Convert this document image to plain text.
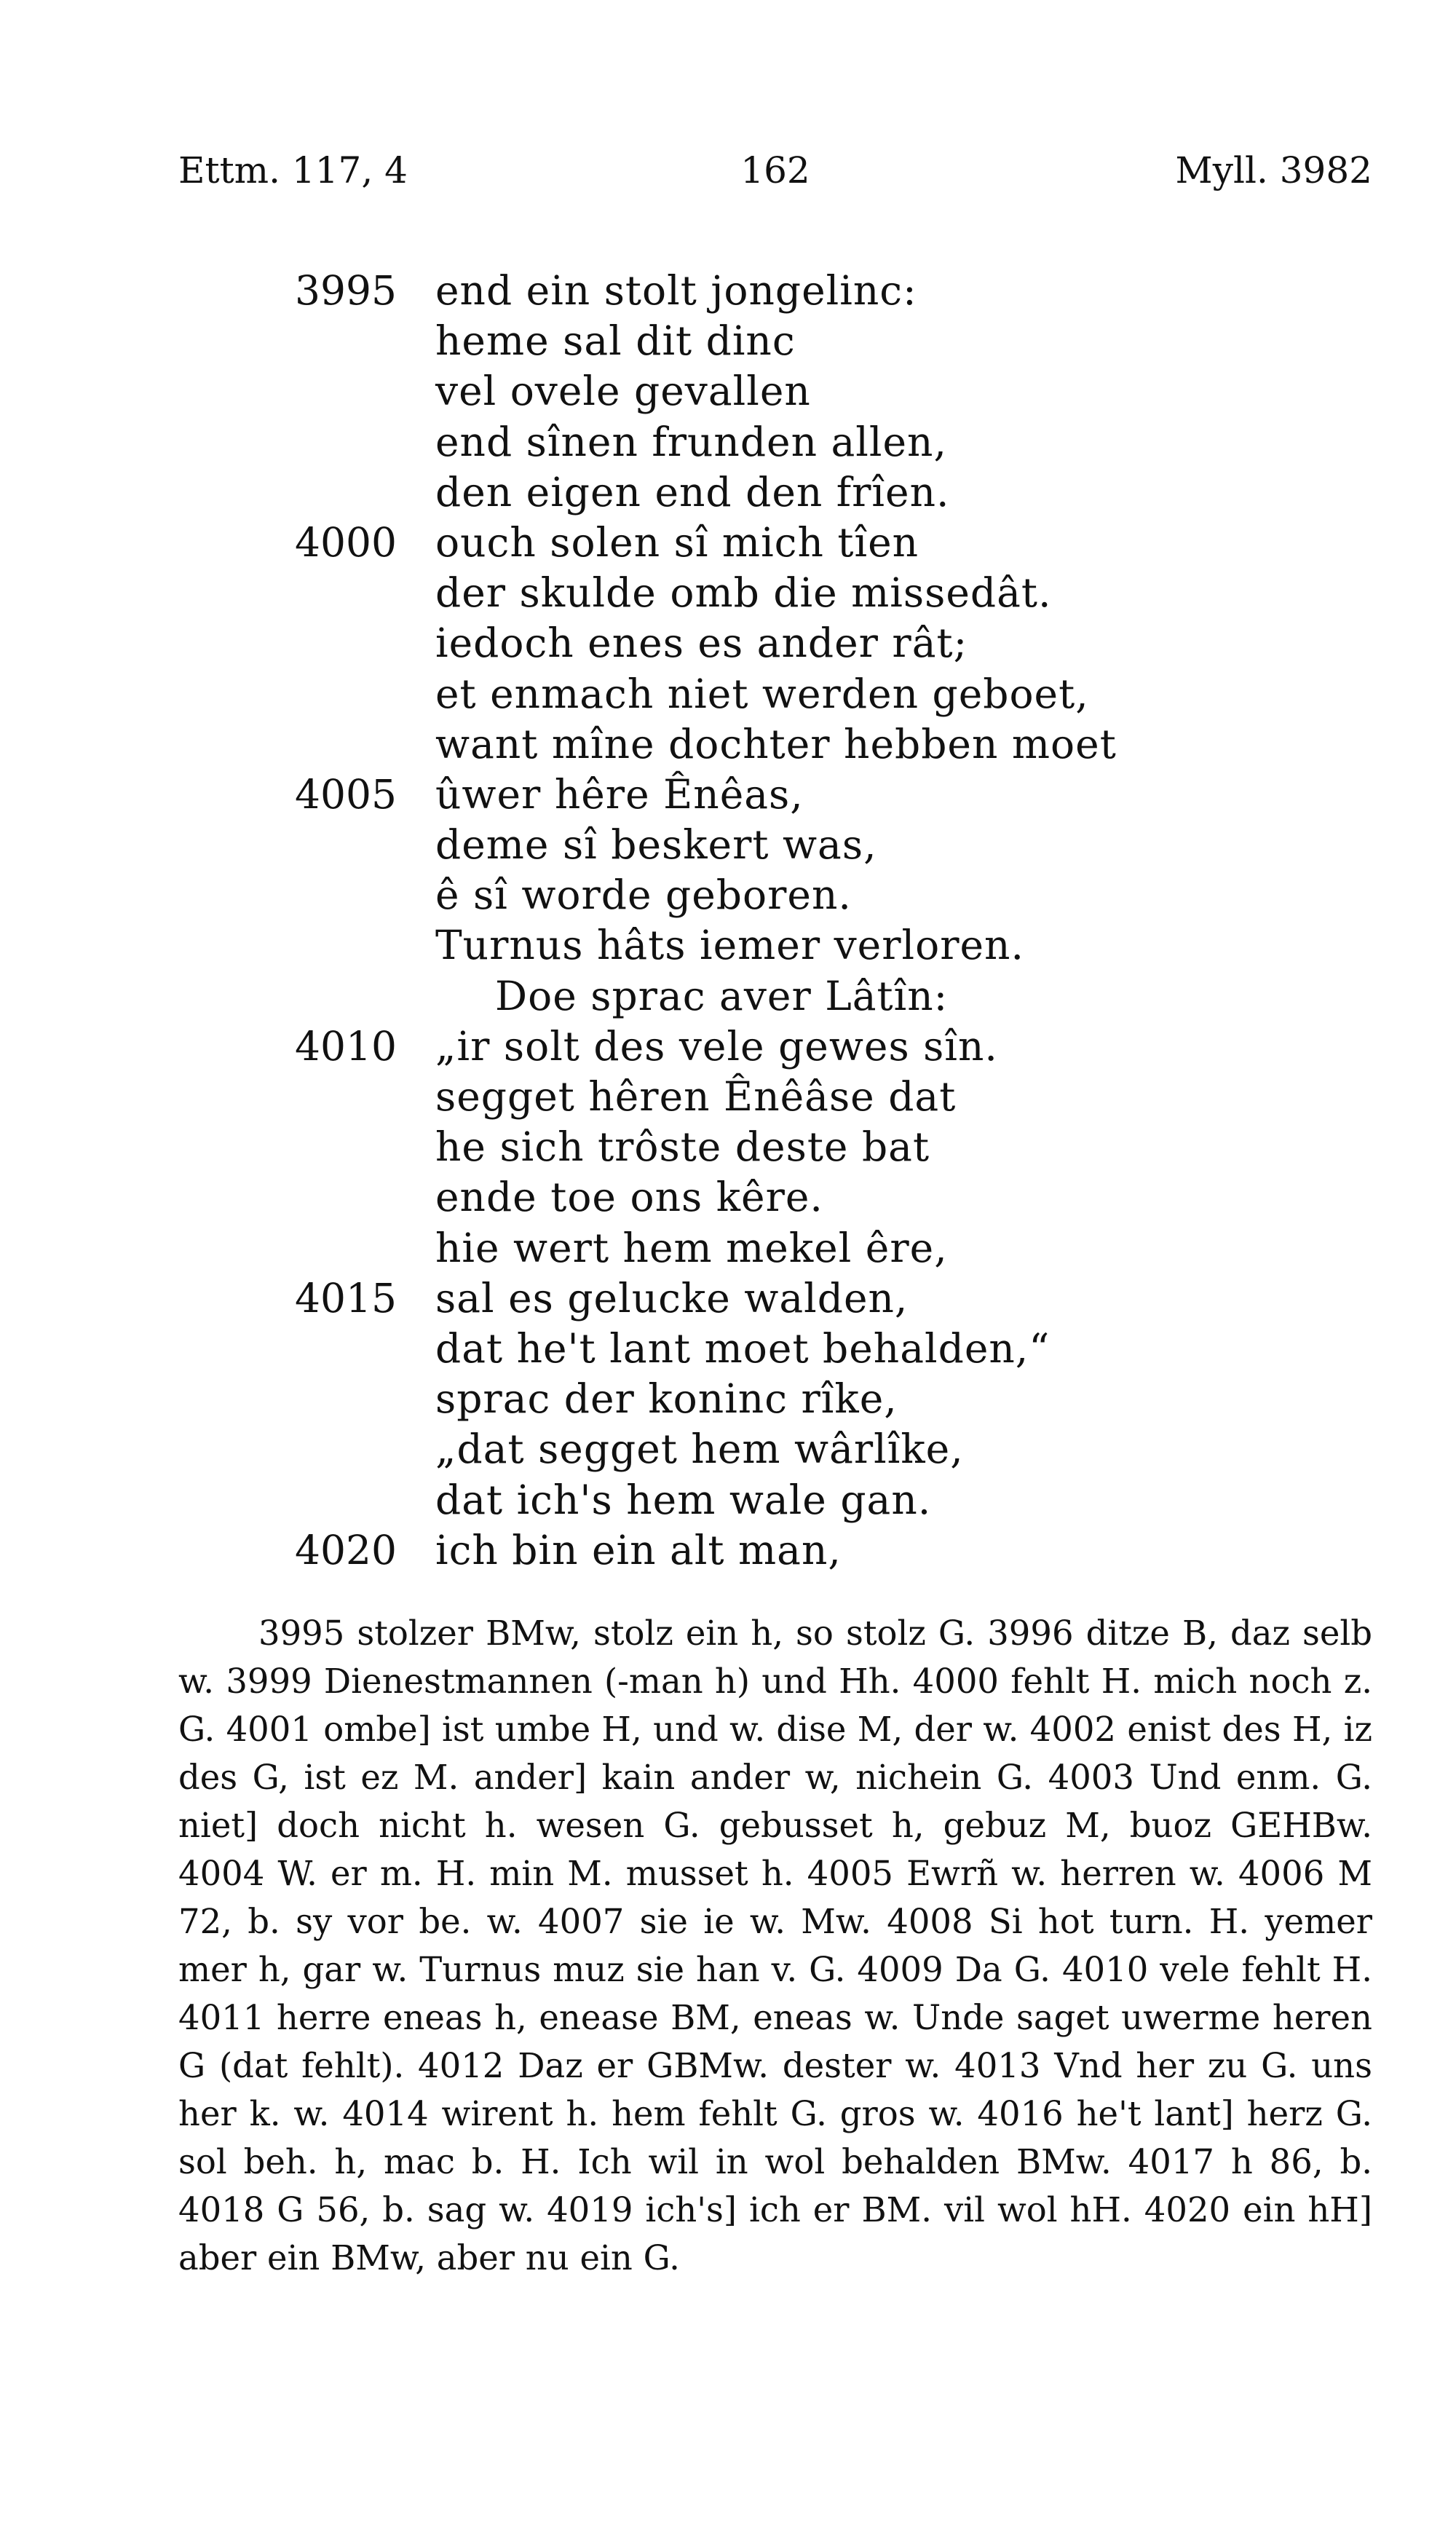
Ettm. 117, 4	162	Myll. 3982
3995 end ein stolt jongelinc:
heme sal dit dinc
vel ovele gevallen
end sînen frunden allen,
den eigen end den frîen.
4000 ouch solen sî mich tîen
der skulde omb die missedât.
iedoch enes es ander rât;
et enmach niet werden geboet,
want mîne dochter hebben moet
4005 ûwer hêre Ênêas,
deme sî beskert was,
ê sî worde geboren.
Turnus hâts iemer verloren.
Doe sprac aver Lâtîn:
4010 „ir solt des vele gewes sîn.
segget hêren Ênêâse dat
he sich trôste deste bat
ende toe ons kêre.
hie wert hem mekel êre,
4015 sal es gelucke walden,
dat he't lant moet behalden,“
sprac der koninc rîke,
„dat segget hem wârlîke,
dat ich's hem wale gan.
4020 ich bin ein alt man,

3995 stolzer BMw, stolz ein h, so stolz G. 3996 ditze B, daz selb w. 3999 Dienestmannen (-man h) und Hh. 4000 fehlt H. mich noch z. G. 4001 ombe] ist umbe H, und w. dise M, der w. 4002 enist des H, iz des G, ist ez M. ander] kain ander w, nichein G. 4003 Und enm. G. niet] doch nicht h. wesen G. gebusset h, gebuz M, buoz GEHBw. 4004 W. er m. H. min M. musset h. 4005 Ewrñ w. herren w. 4006 M 72, b. sy vor be. w. 4007 sie ie w. Mw. 4008 Si hot turn. H. yemer mer h, gar w. Turnus muz sie han v. G. 4009 Da G. 4010 vele fehlt H. 4011 herre eneas h, enease BM, eneas w. Unde saget uwerme heren G (dat fehlt). 4012 Daz er GBMw. dester w. 4013 Vnd her zu G. uns her k. w. 4014 wirent h. hem fehlt G. gros w. 4016 he't lant] herz G. sol beh. h, mac b. H. Ich wil in wol behalden BMw. 4017 h 86, b. 4018 G 56, b. sag w. 4019 ich's] ich er BM. vil wol hH. 4020 ein hH] aber ein BMw, aber nu ein G.
